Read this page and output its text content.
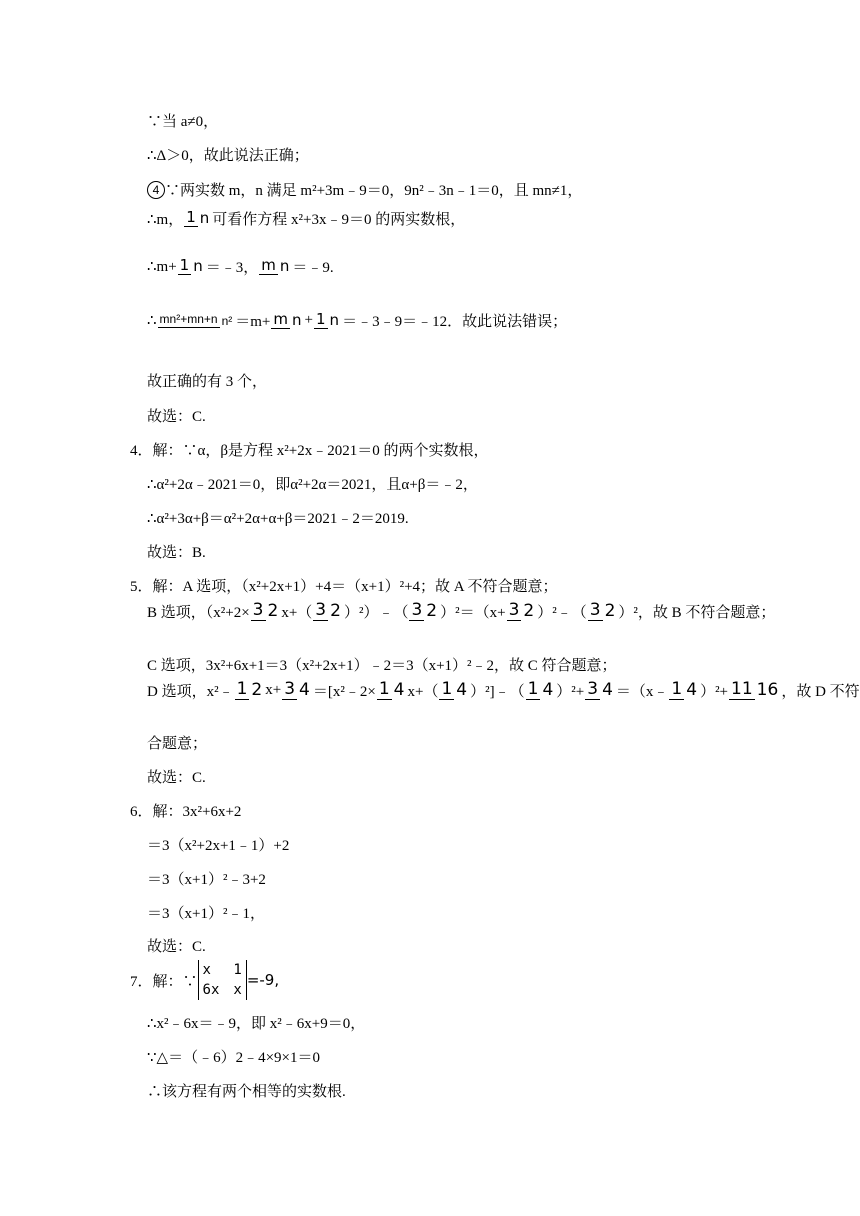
∵当 a≠0，
∴Δ＞0，故此说法正确；
4 ∵两实数 m，n 满足 m²+3m﹣9＝0，9n²﹣3n﹣1＝0，且 mn≠1，
∴m， 1 n 可看作方程 x²+3x﹣9＝0 的两实数根，
∴m+ 1 n ＝﹣3， m n ＝﹣9.
∴ mn²+mn+n n² ＝m+ m n + 1 n ＝﹣3﹣9＝﹣12．故此说法错误；
故正确的有 3 个，
故选：C.
4．解：∵α，β是方程 x²+2x﹣2021＝0 的两个实数根，
∴α²+2α﹣2021＝0，即α²+2α＝2021，且α+β＝﹣2，
∴α²+3α+β＝α²+2α+α+β＝2021﹣2＝2019.
故选：B.
5．解：A 选项，（x²+2x+1）+4＝（x+1）²+4；故 A 不符合题意；
B 选项，（x²+2× 3 2 x+（ 3 2 ）²）﹣（ 3 2 ）²＝（x+ 3 2 ）²﹣（ 3 2 ）²，故 B 不符合题意；
C 选项，3x²+6x+1＝3（x²+2x+1）﹣2＝3（x+1）²﹣2，故 C 符合题意；
D 选项，x²﹣ 1 2 x+ 3 4 ＝[x²﹣2× 1 4 x+（ 1 4 ）²]﹣（ 1 4 ）²+ 3 4 ＝（x﹣ 1 4 ）²+ 11 16 ，故 D 不符
合题意；
故选：C.
6．解：3x²+6x+2
＝3（x²+2x+1﹣1）+2
＝3（x+1）²﹣3+2
＝3（x+1）²﹣1，
故选：C.
7．解：∵
x 1
6x x
=-9,
∴x²﹣6x＝﹣9，即 x²﹣6x+9＝0，
∵△＝（﹣6）2﹣4×9×1＝0
∴该方程有两个相等的实数根.
